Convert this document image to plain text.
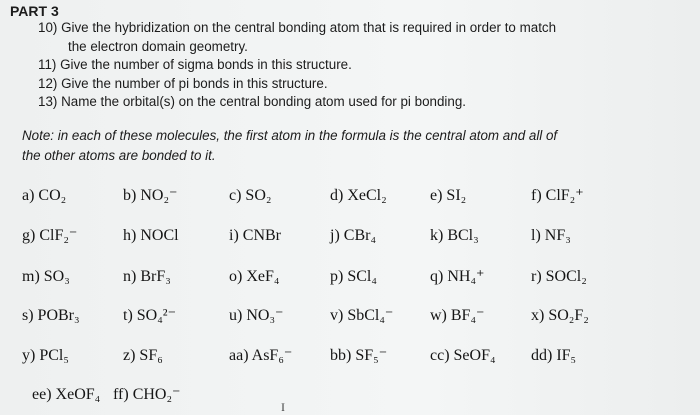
PART 3
10) Give the hybridization on the central bonding atom that is required in order to match
the electron domain geometry.
11) Give the number of sigma bonds in this structure.
12) Give the number of pi bonds in this structure.
13) Name the orbital(s) on the central bonding atom used for pi bonding.
Note: in each of these molecules, the first atom in the formula is the central atom and all of
the other atoms are bonded to it.
a) CO₂	b) NO₂⁻	c) SO₂	d) XeCl₂	e) SI₂	f) ClF₂⁺
g) ClF₂⁻	h) NOCl	i) CNBr	j) CBr₄	k) BCl₃	l) NF₃
m) SO₃	n) BrF₃	o) XeF₄	p) SCl₄	q) NH₄⁺	r) SOCl₂
s) POBr₃	t) SO₄²⁻	u) NO₃⁻	v) SbCl₄⁻ w) BF₄⁻	x) SO₂F₂
y) PCl₅	z) SF₆	aa) AsF₆⁻ bb) SF₅⁻	cc) SeOF₄ dd) IF₅
ee) XeOF₄ ff) CHO₂⁻
I
